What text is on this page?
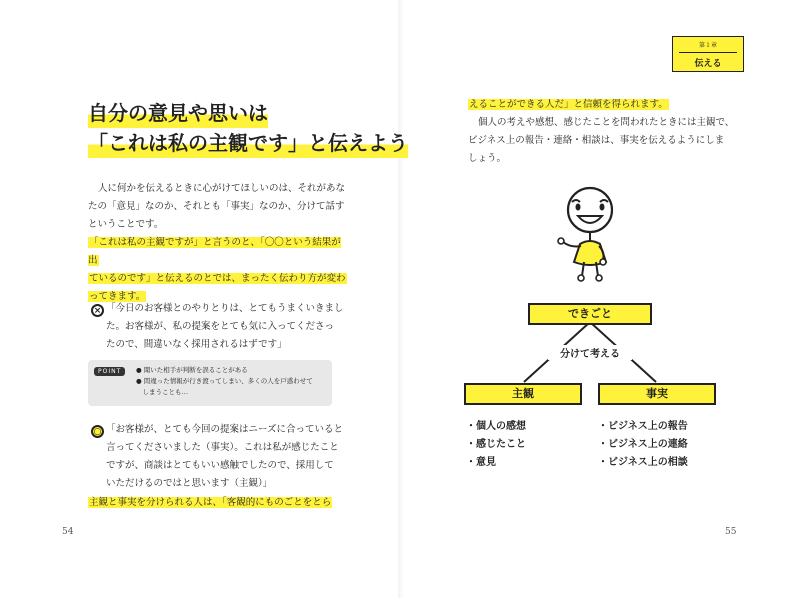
自分の意見や思いは
「これは私の主観です」と伝えよう
人に何かを伝えるときに心がけてほしいのは、それがあな
たの「意見」なのか、それとも「事実」なのか、分けて話す
ということです。
「これは私の主観ですが」と言うのと、「〇〇という結果が出
ているのです」と伝えるのとでは、まったく伝わり方が変わ
ってきます。
× 「今日のお客様とのやりとりは、とてもうまくいきまし
た。お客様が、私の提案をとても気に入ってくださっ
たので、間違いなく採用されるはずです」
POINT	● 聞いた相手が判断を誤ることがある
● 間違った情報が行き渡ってしまい、多くの人を戸惑わせて
　しまうことも…
○ 「お客様が、とても今回の提案はニーズに合っていると
言ってくださいました（事実）。これは私が感じたこと
ですが、商談はとてもいい感触でしたので、採用して
いただけるのではと思います（主観）」
主観と事実を分けられる人は、「客観的にものごとをとら
54
第１章
伝える
えることができる人だ」と信頼を得られます。
個人の考えや感想、感じたことを問われたときには主観で、
ビジネス上の報告・連絡・相談は、事実を伝えるようにしま
しょう。
できごと
分けて考える
主観	事実
・個人の感想
・感じたこと
・意見
・ビジネス上の報告
・ビジネス上の連絡
・ビジネス上の相談
55
